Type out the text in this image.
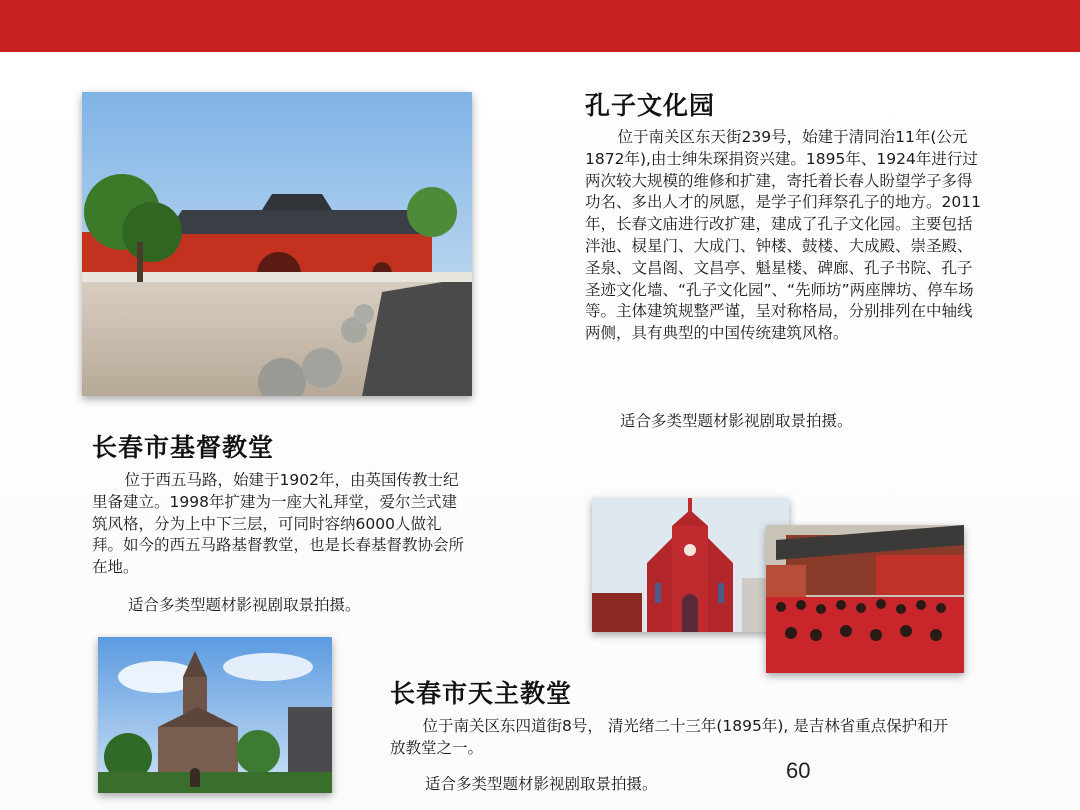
孔子文化园

位于南关区东天街239号，始建于清同治11年(公元1872年),由士绅朱琛捐资兴建。1895年、1924年进行过两次较大规模的维修和扩建，寄托着长春人盼望学子多得功名、多出人才的夙愿，是学子们拜祭孔子的地方。2011年，长春文庙进行改扩建，建成了孔子文化园。主要包括泮池、棂星门、大成门、钟楼、鼓楼、大成殿、崇圣殿、圣泉、文昌阁、文昌亭、魁星楼、碑廊、孔子书院、孔子圣迹文化墙、“孔子文化园”、“先师坊”两座牌坊、停车场等。主体建筑规整严谨，呈对称格局，分别排列在中轴线两侧，具有典型的中国传统建筑风格。

适合多类型题材影视剧取景拍摄。
长春市基督教堂

位于西五马路，始建于1902年，由英国传教士纪里备建立。1998年扩建为一座大礼拜堂，爱尔兰式建筑风格，分为上中下三层，可同时容纳6000人做礼拜。如今的西五马路基督教堂，也是长春基督教协会所在地。

适合多类型题材影视剧取景拍摄。
长春市天主教堂

位于南关区东四道街8号， 清光绪二十三年(1895年), 是吉林省重点保护和开放教堂之一。

适合多类型题材影视剧取景拍摄。
60
